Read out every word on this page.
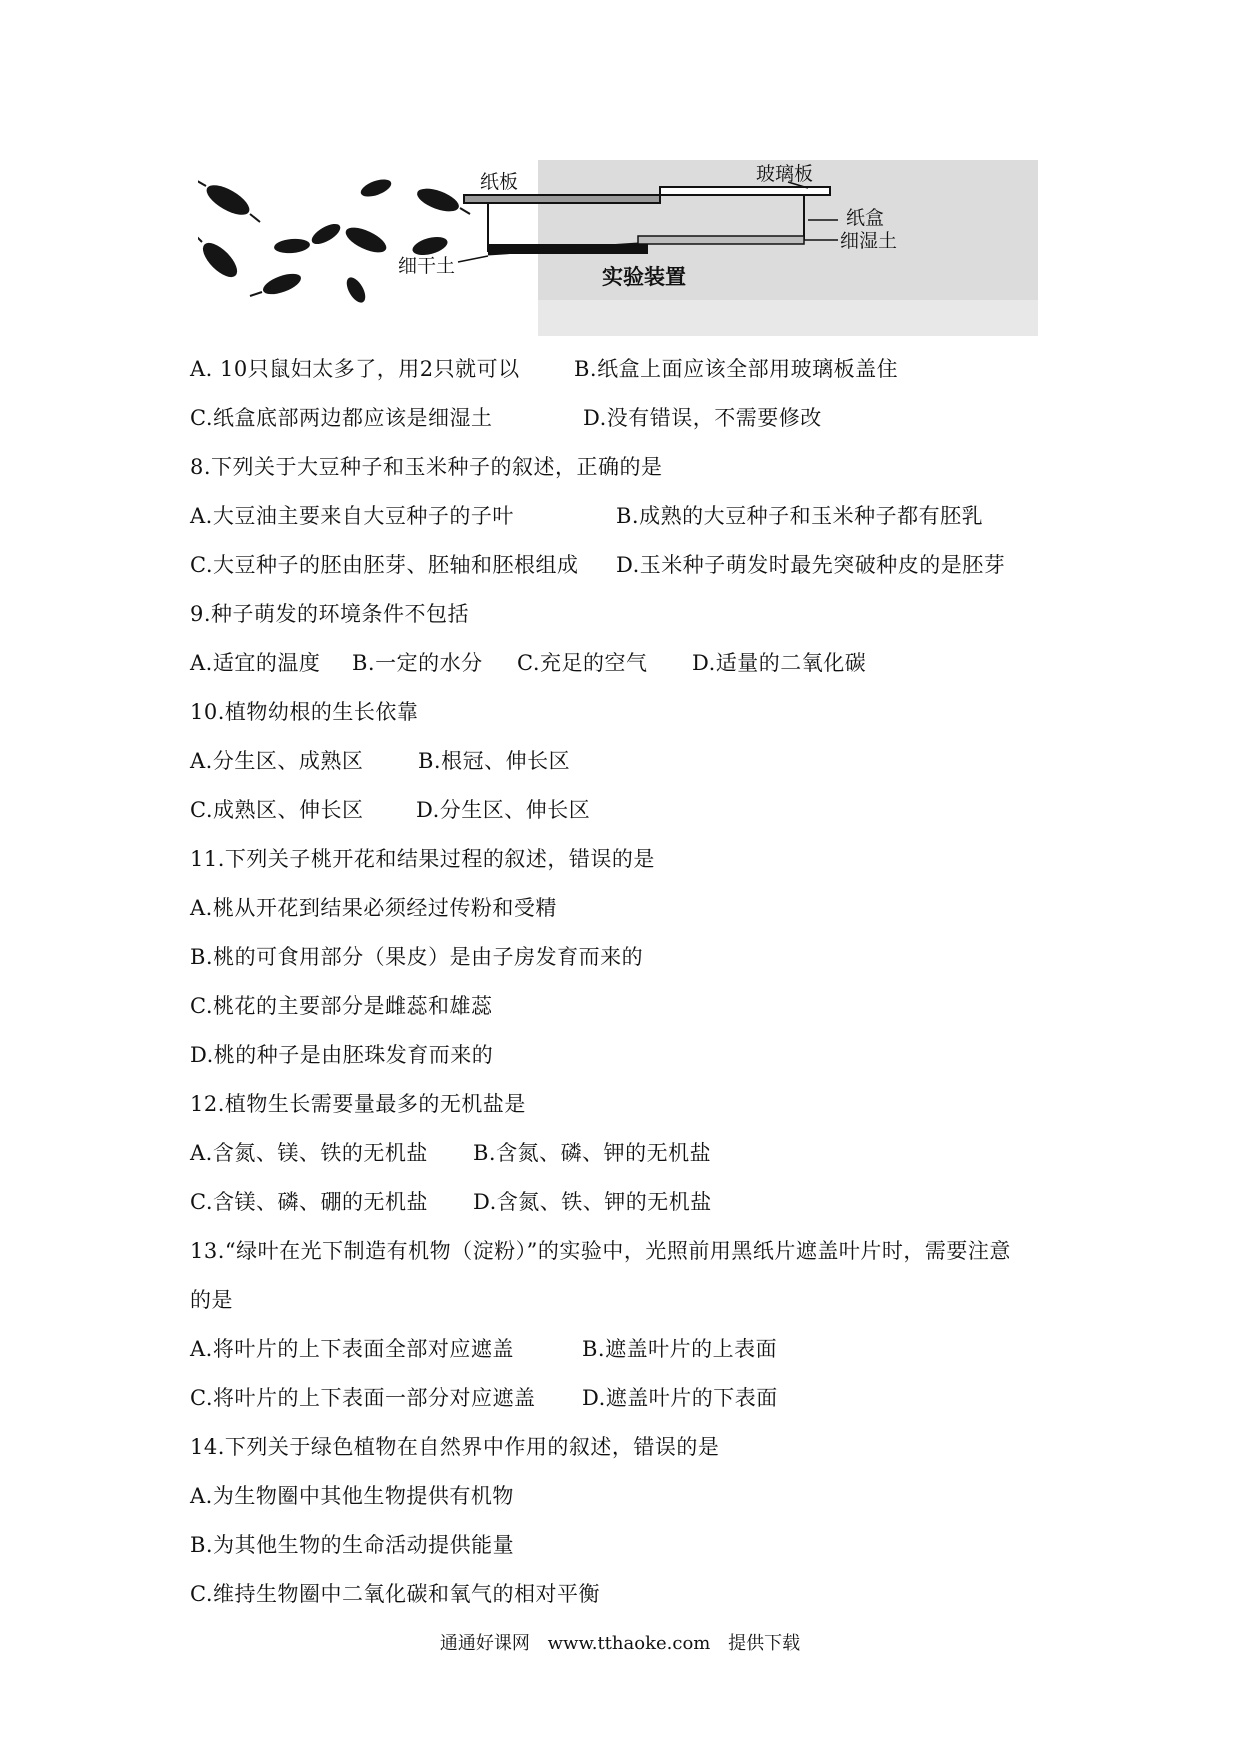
玻璃板
纸板
纸盒
细湿土
细干土	实验装置
A. 10只鼠妇太多了，用2只就可以	B.纸盒上面应该全部用玻璃板盖住
C.纸盒底部两边都应该是细湿土	D.没有错误，不需要修改
8.下列关于大豆种子和玉米种子的叙述，正确的是
A.大豆油主要来自大豆种子的子叶	B.成熟的大豆种子和玉米种子都有胚乳
C.大豆种子的胚由胚芽、胚轴和胚根组成 D.玉米种子萌发时最先突破种皮的是胚芽
9.种子萌发的环境条件不包括
A.适宜的温度 B.一定的水分 C.充足的空气 D.适量的二氧化碳
10.植物幼根的生长依靠
A.分生区、成熟区	B.根冠、伸长区
C.成熟区、伸长区	D.分生区、伸长区
11.下列关子桃开花和结果过程的叙述，错误的是
A.桃从开花到结果必须经过传粉和受精
B.桃的可食用部分（果皮）是由子房发育而来的
C.桃花的主要部分是雌蕊和雄蕊
D.桃的种子是由胚珠发育而来的
12.植物生长需要量最多的无机盐是
A.含氮、镁、铁的无机盐 B.含氮、磷、钾的无机盐
C.含镁、磷、硼的无机盐 D.含氮、铁、钾的无机盐
13.“绿叶在光下制造有机物（淀粉）”的实验中，光照前用黑纸片遮盖叶片时，需要注意
的是
A.将叶片的上下表面全部对应遮盖	B.遮盖叶片的上表面
C.将叶片的上下表面一部分对应遮盖 D.遮盖叶片的下表面
14.下列关于绿色植物在自然界中作用的叙述，错误的是
A.为生物圈中其他生物提供有机物
B.为其他生物的生命活动提供能量
C.维持生物圈中二氧化碳和氧气的相对平衡
通通好课网 www.tthaoke.com 提供下载
